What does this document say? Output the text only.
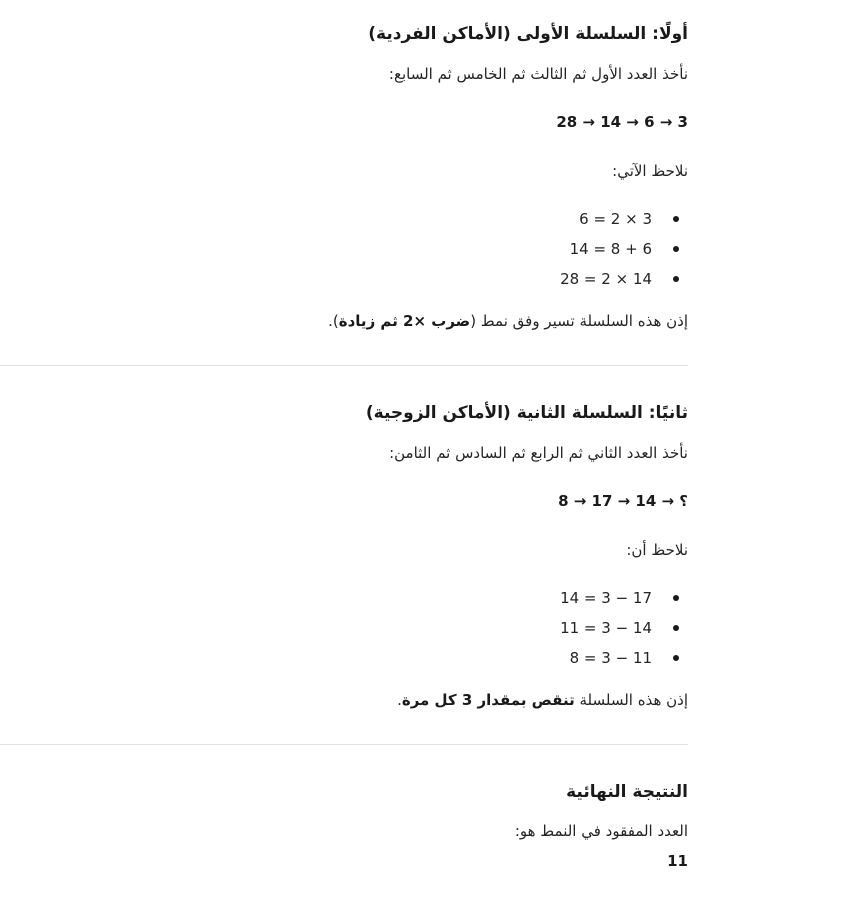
أولًا: السلسلة الأولى (الأماكن الفردية)

نأخذ العدد الأول ثم الثالث ثم الخامس ثم السابع:

28 → 14 → 6 → 3

نلاحظ الآتي:

6 = 2 × 3
14 = 8 + 6
28 = 2 × 14

إذن هذه السلسلة تسير وفق نمط (ضرب ×2 ثم زيادة).

ثانيًا: السلسلة الثانية (الأماكن الزوجية)

نأخذ العدد الثاني ثم الرابع ثم السادس ثم الثامن:

8 → ؟ → 14 → 17

نلاحظ أن:

14 = 3 − 17
11 = 3 − 14
8 = 3 − 11

إذن هذه السلسلة تنقص بمقدار 3 كل مرة.

النتيجة النهائية

العدد المفقود في النمط هو:

11
